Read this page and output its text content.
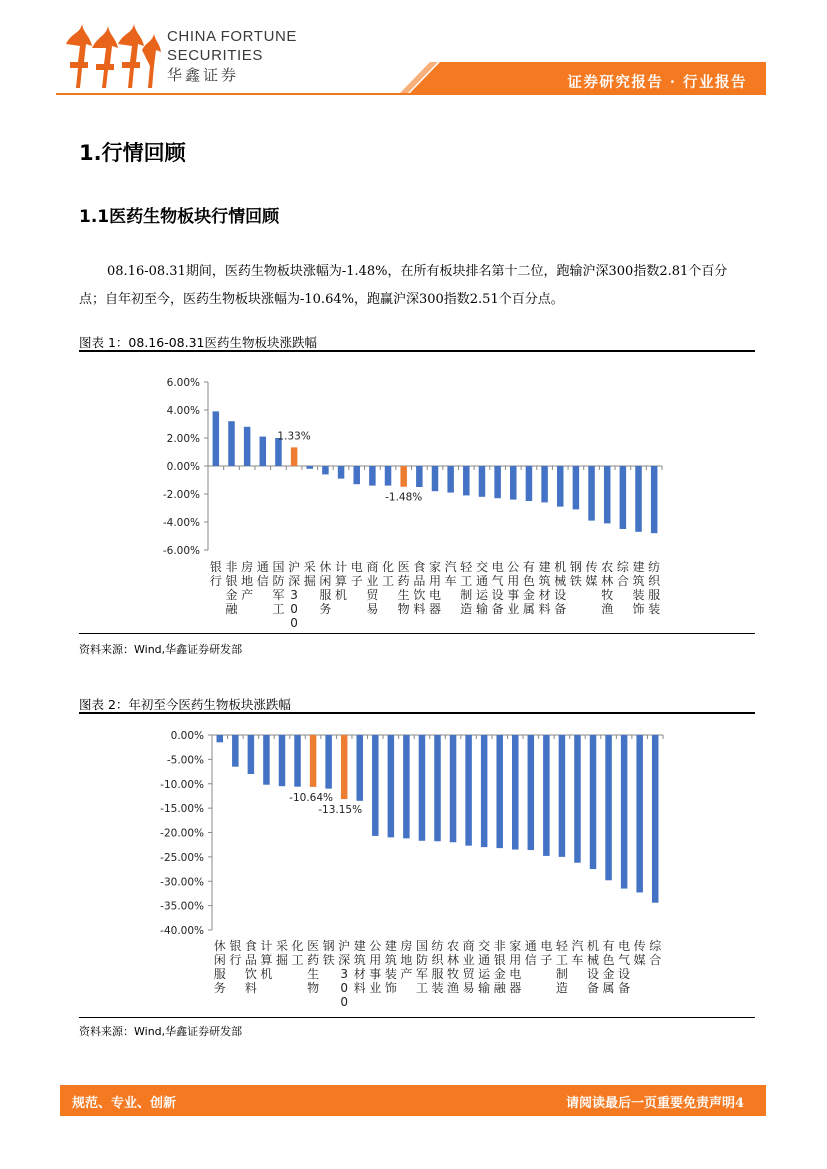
CHINA FORTUNE
SECURITIES
华鑫证券	证券研究报告 · 行业报告
1.行情回顾
1.1医药生物板块行情回顾
08.16-08.31期间，医药生物板块涨幅为-1.48%，在所有板块排名第十二位，跑输沪深300指数2.81个百分点；自年初至今，医药生物板块涨幅为-10.64%，跑赢沪深300指数2.51个百分点。
图表 1：08.16-08.31医药生物板块涨跌幅
6.00%
4.00%
2.00%
0.00%
-2.00%
-4.00%
-6.00%
银行
非银金融
房地产
通信
国防军工
沪深 3 0 0
1.33%
采掘
休闲服务
计算机
电子
商业贸易
化工
医药生物
-1.48%
食品饮料
家用电器
汽车
轻工制造
交通运输
电气设备
公用事业
有色金属
建筑材料
机械设备
钢铁
传媒
农林牧渔
综合
建筑装饰
纺织服装
资料来源：Wind,华鑫证券研发部
图表 2：年初至今医药生物板块涨跌幅
0.00%
-5.00%
-10.00%
-15.00%
-20.00%
-25.00%
-30.00%
-35.00%
-40.00%
休闲服务
银行
食品饮料
计算机
采掘
化工
医药生物
-10.64%
钢铁
沪深 3 0 0
-13.15%
建筑材料
公用事业
建筑装饰
房地产
国防军工
纺织服装
农林牧渔
商业贸易
交通运输
非银金融
家用电器
通信
电子
轻工制造
汽车
机械设备
有色金属
电气设备
传媒
综合
资料来源：Wind,华鑫证券研发部
规范、专业、创新	请阅读最后一页重要免责声明4
